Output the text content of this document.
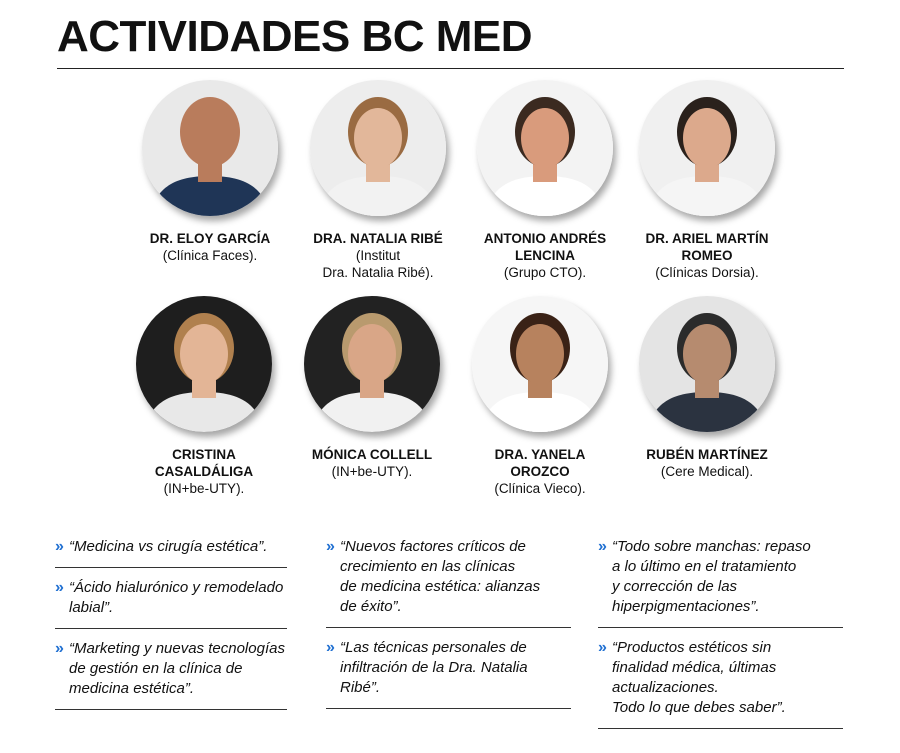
ACTIVIDADES BC MED
DR. ELOY GARCÍA
(Clínica Faces).
DRA. NATALIA RIBÉ
(Institut
Dra. Natalia Ribé).
ANTONIO ANDRÉS
LENCINA
(Grupo CTO).
DR. ARIEL MARTÍN
ROMEO
(Clínicas Dorsia).
CRISTINA
CASALDÁLIGA
(IN+be-UTY).
MÓNICA COLLELL
(IN+be-UTY).
DRA. YANELA
OROZCO
(Clínica Vieco).
RUBÉN MARTÍNEZ
(Cere Medical).
» “Medicina vs cirugía estética”.
» “Ácido hialurónico y remodelado
labial”.
» “Marketing y nuevas tecnologías
de gestión en la clínica de
medicina estética”.
» “Nuevos factores críticos de
crecimiento en las clínicas
de medicina estética: alianzas
de éxito”.
» “Las técnicas personales de
infiltración de la Dra. Natalia Ribé”.
» “Todo sobre manchas: repaso
a lo último en el tratamiento
y corrección de las
hiperpigmentaciones”.
» “Productos estéticos sin
finalidad médica, últimas
actualizaciones.
Todo lo que debes saber”.
